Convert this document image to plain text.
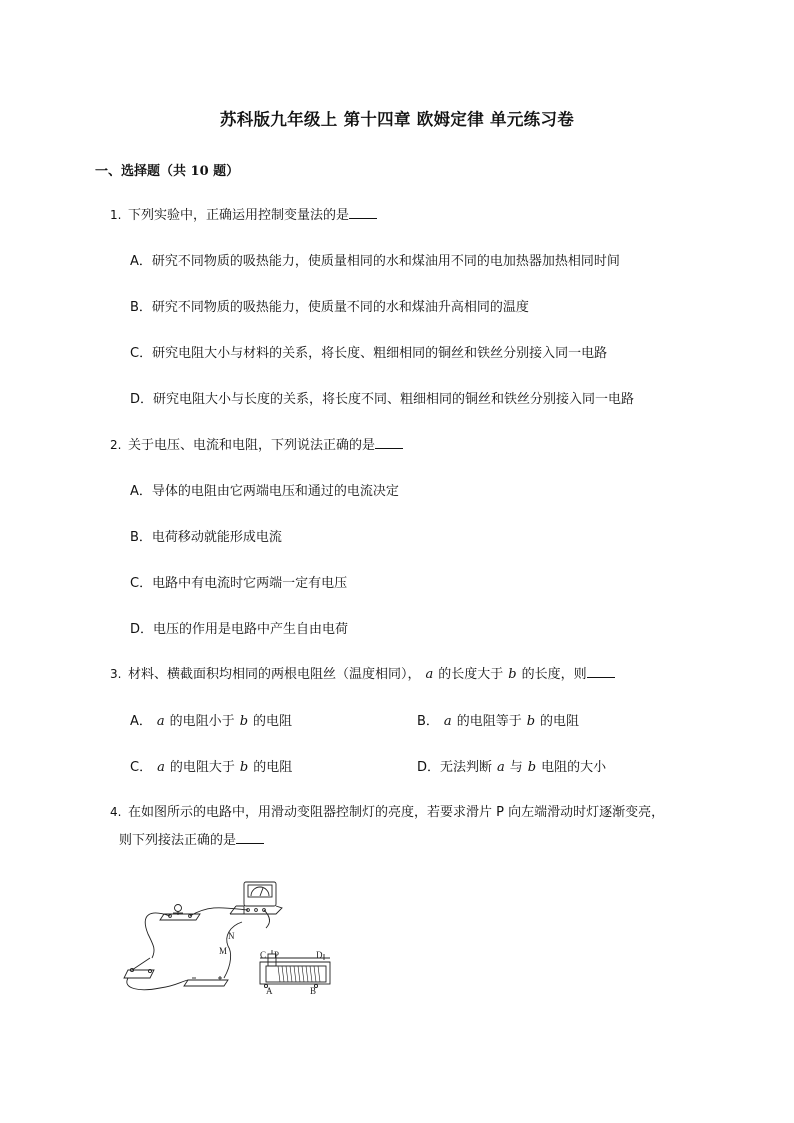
苏科版九年级上 第十四章 欧姆定律 单元练习卷
一、选择题（共 10 题）
1. 下列实验中，正确运用控制变量法的是
A．研究不同物质的吸热能力，使质量相同的水和煤油用不同的电加热器加热相同时间
B．研究不同物质的吸热能力，使质量不同的水和煤油升高相同的温度
C．研究电阻大小与材料的关系，将长度、粗细相同的铜丝和铁丝分别接入同一电路
D．研究电阻大小与长度的关系，将长度不同、粗细相同的铜丝和铁丝分别接入同一电路
2. 关于电压、电流和电阻，下列说法正确的是
A．导体的电阻由它两端电压和通过的电流决定
B．电荷移动就能形成电流
C．电路中有电流时它两端一定有电压
D．电压的作用是电路中产生自由电荷
3. 材料、横截面积均相同的两根电阻丝（温度相同）， a 的长度大于 b 的长度，则
A． a 的电阻小于 b 的电阻	B． a 的电阻等于 b 的电阻
C． a 的电阻大于 b 的电阻	D．无法判断 a 与 b 电阻的大小
4. 在如图所示的电路中，用滑动变阻器控制灯的亮度，若要求滑片 P 向左端滑动时灯逐渐变亮，
则下列接法正确的是
N
M	C P	D
A	B
